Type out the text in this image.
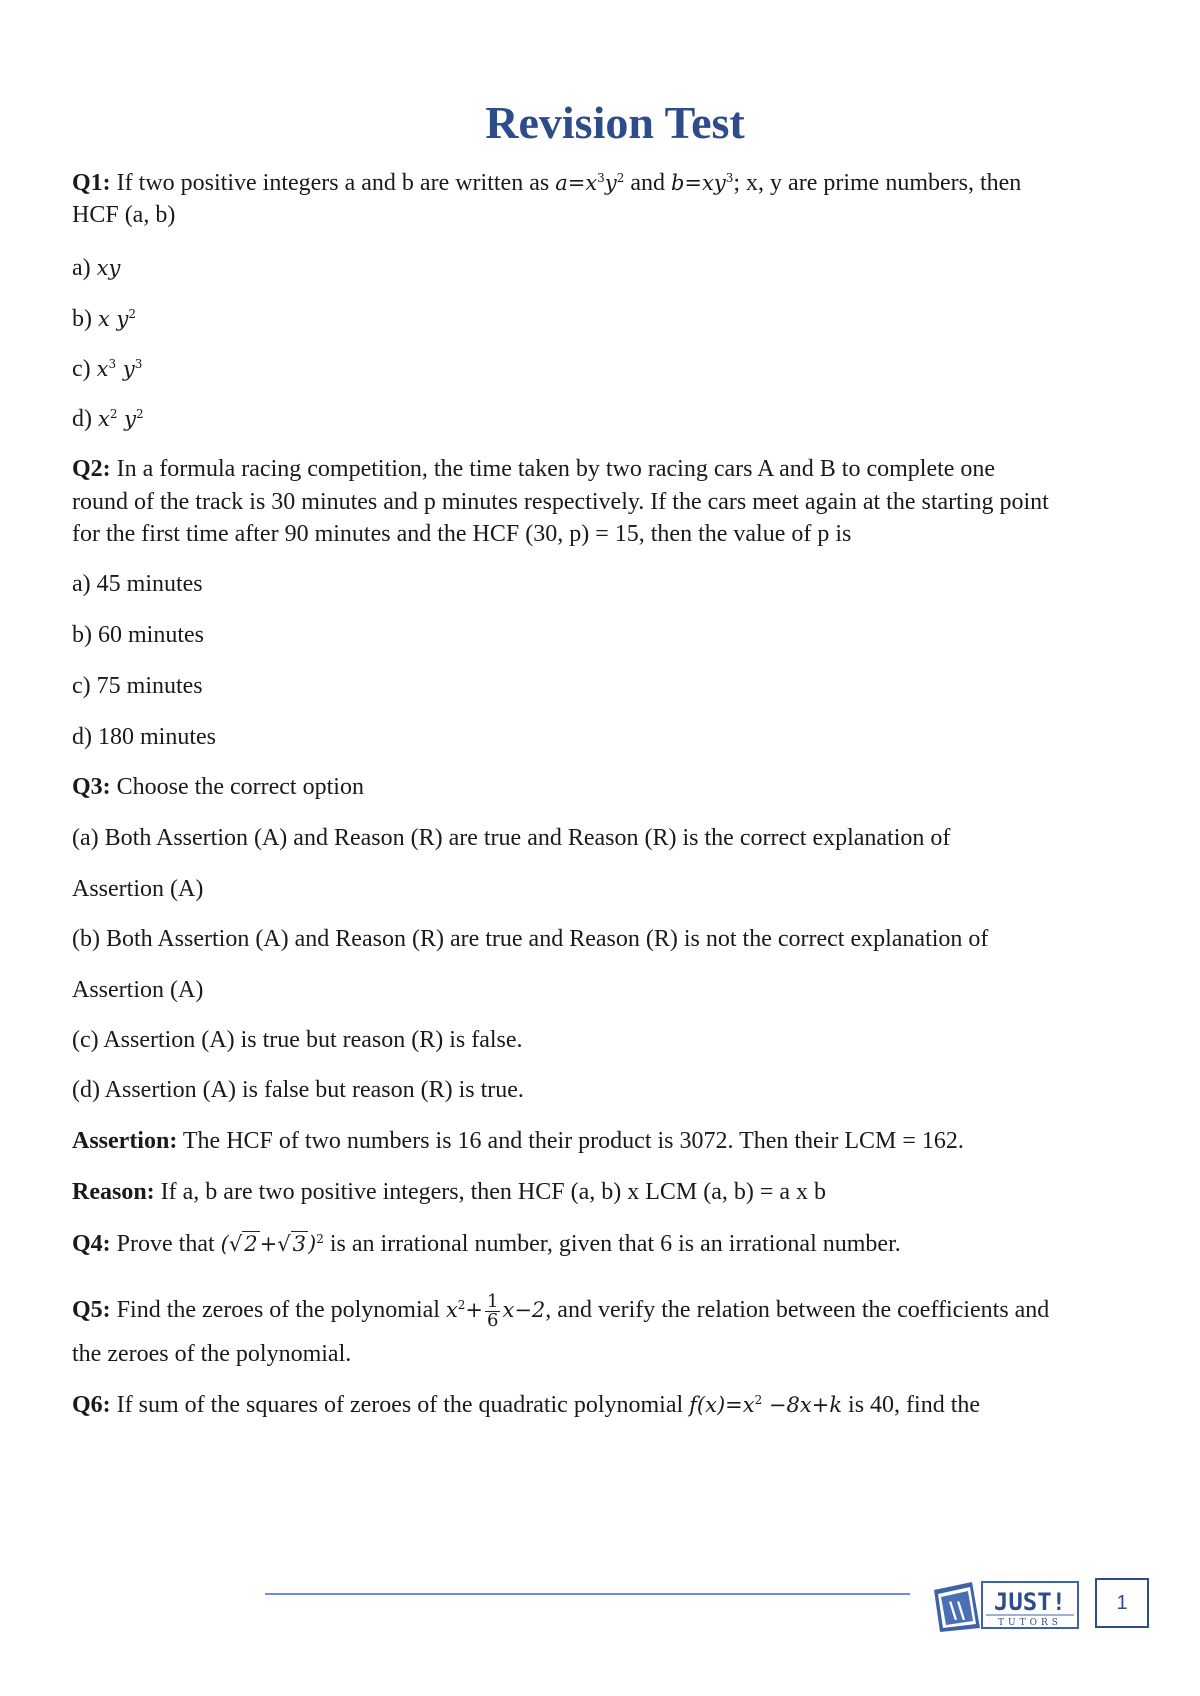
Revision Test
Q1: If two positive integers a and b are written as $a=x^3y^2$ and $b=xy^3$; x, y are prime numbers, then
HCF (a, b)
a) xy
b) x $y^2$
c) $x^3$ $y^3$
d) $x^2$ $y^2$
Q2: In a formula racing competition, the time taken by two racing cars A and B to complete one
round of the track is 30 minutes and p minutes respectively. If the cars meet again at the starting point
for the first time after 90 minutes and the HCF (30, p) = 15, then the value of p is
a) 45 minutes
b) 60 minutes
c) 75 minutes
d) 180 minutes
Q3: Choose the correct option
(a) Both Assertion (A) and Reason (R) are true and Reason (R) is the correct explanation of
Assertion (A)
(b) Both Assertion (A) and Reason (R) are true and Reason (R) is not the correct explanation of
Assertion (A)
(c) Assertion (A) is true but reason (R) is false.
(d) Assertion (A) is false but reason (R) is true.
Assertion: The HCF of two numbers is 16 and their product is 3072. Then their LCM = 162.
Reason: If a, b are two positive integers, then HCF (a, b) x LCM (a, b) = a x b
Q4: Prove that $(√2+√3)^2$ is an irrational number, given that 6 is an irrational number.
Q5: Find the zeroes of the polynomial $x^2+ \frac{1}{6} x-2$, and verify the relation between the coefficients and
the zeroes of the polynomial.
Q6: If sum of the squares of zeroes of the quadratic polynomial $f(x)=x^2 -8x+k$ is 40, find the
\\ JUST!
TUTORS
1
